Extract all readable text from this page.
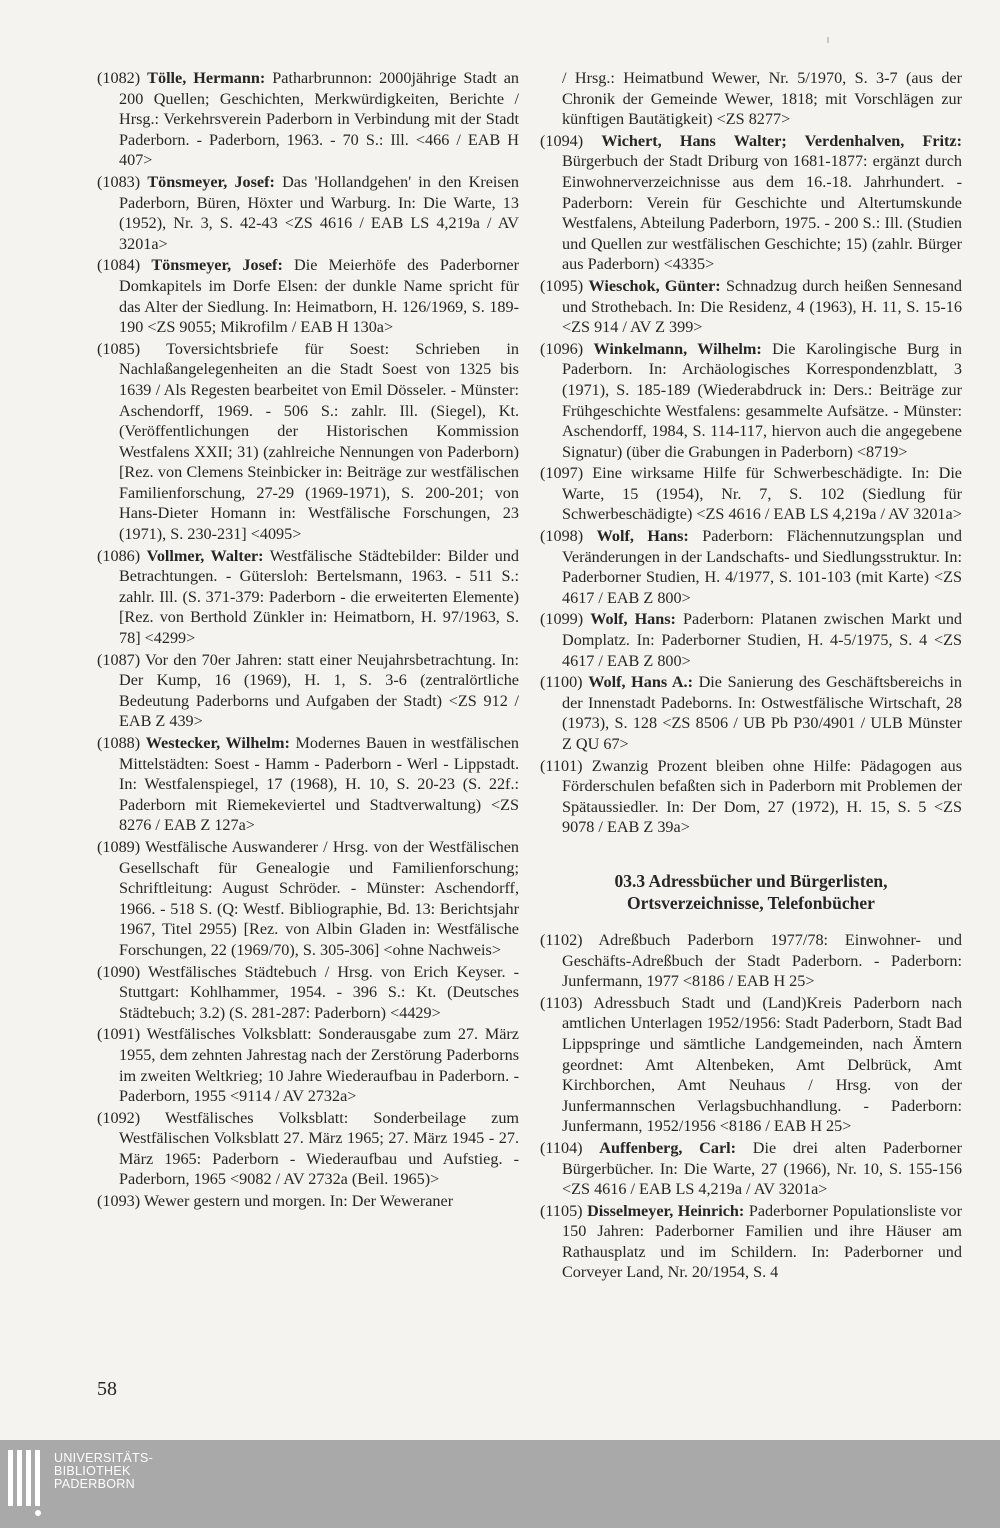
(1082) Tölle, Hermann: Patharbrunnon: 2000jährige Stadt an 200 Quellen; Geschichten, Merkwürdigkeiten, Berichte / Hrsg.: Verkehrsverein Paderborn in Verbindung mit der Stadt Paderborn. - Paderborn, 1963. - 70 S.: Ill. <466 / EAB H 407>
(1083) Tönsmeyer, Josef: Das 'Hollandgehen' in den Kreisen Paderborn, Büren, Höxter und Warburg. In: Die Warte, 13 (1952), Nr. 3, S. 42-43 <ZS 4616 / EAB LS 4,219a / AV 3201a>
(1084) Tönsmeyer, Josef: Die Meierhöfe des Paderborner Domkapitels im Dorfe Elsen: der dunkle Name spricht für das Alter der Siedlung. In: Heimatborn, H. 126/1969, S. 189-190 <ZS 9055; Mikrofilm / EAB H 130a>
(1085) Toversichtsbriefe für Soest: Schrieben in Nachlaßangelegenheiten an die Stadt Soest von 1325 bis 1639 / Als Regesten bearbeitet von Emil Dösseler. - Münster: Aschendorff, 1969. - 506 S.: zahlr. Ill. (Siegel), Kt. (Veröffentlichungen der Historischen Kommission Westfalens XXII; 31) (zahlreiche Nennungen von Paderborn) [Rez. von Clemens Steinbicker in: Beiträge zur westfälischen Familienforschung, 27-29 (1969-1971), S. 200-201; von Hans-Dieter Homann in: Westfälische Forschungen, 23 (1971), S. 230-231] <4095>
(1086) Vollmer, Walter: Westfälische Städtebilder: Bilder und Betrachtungen. - Gütersloh: Bertelsmann, 1963. - 511 S.: zahlr. Ill. (S. 371-379: Paderborn - die erweiterten Elemente) [Rez. von Berthold Zünkler in: Heimatborn, H. 97/1963, S. 78] <4299>
(1087) Vor den 70er Jahren: statt einer Neujahrsbetrachtung. In: Der Kump, 16 (1969), H. 1, S. 3-6 (zentralörtliche Bedeutung Paderborns und Aufgaben der Stadt) <ZS 912 / EAB Z 439>
(1088) Westecker, Wilhelm: Modernes Bauen in westfälischen Mittelstädten: Soest - Hamm - Paderborn - Werl - Lippstadt. In: Westfalenspiegel, 17 (1968), H. 10, S. 20-23 (S. 22f.: Paderborn mit Riemekeviertel und Stadtverwaltung) <ZS 8276 / EAB Z 127a>
(1089) Westfälische Auswanderer / Hrsg. von der Westfälischen Gesellschaft für Genealogie und Familienforschung; Schriftleitung: August Schröder. - Münster: Aschendorff, 1966. - 518 S. (Q: Westf. Bibliographie, Bd. 13: Berichtsjahr 1967, Titel 2955) [Rez. von Albin Gladen in: Westfälische Forschungen, 22 (1969/70), S. 305-306] <ohne Nachweis>
(1090) Westfälisches Städtebuch / Hrsg. von Erich Keyser. - Stuttgart: Kohlhammer, 1954. - 396 S.: Kt. (Deutsches Städtebuch; 3.2) (S. 281-287: Paderborn) <4429>
(1091) Westfälisches Volksblatt: Sonderausgabe zum 27. März 1955, dem zehnten Jahrestag nach der Zerstörung Paderborns im zweiten Weltkrieg; 10 Jahre Wiederaufbau in Paderborn. - Paderborn, 1955 <9114 / AV 2732a>
(1092) Westfälisches Volksblatt: Sonderbeilage zum Westfälischen Volksblatt 27. März 1965; 27. März 1945 - 27. März 1965: Paderborn - Wiederaufbau und Aufstieg. - Paderborn, 1965 <9082 / AV 2732a (Beil. 1965)>
(1093) Wewer gestern und morgen. In: Der Weweraner
/ Hrsg.: Heimatbund Wewer, Nr. 5/1970, S. 3-7 (aus der Chronik der Gemeinde Wewer, 1818; mit Vorschlägen zur künftigen Bautätigkeit) <ZS 8277>
(1094) Wichert, Hans Walter; Verdenhalven, Fritz: Bürgerbuch der Stadt Driburg von 1681-1877: ergänzt durch Einwohnerverzeichnisse aus dem 16.-18. Jahrhundert. - Paderborn: Verein für Geschichte und Altertumskunde Westfalens, Abteilung Paderborn, 1975. - 200 S.: Ill. (Studien und Quellen zur westfälischen Geschichte; 15) (zahlr. Bürger aus Paderborn) <4335>
(1095) Wieschok, Günter: Schnadzug durch heißen Sennesand und Strothebach. In: Die Residenz, 4 (1963), H. 11, S. 15-16 <ZS 914 / AV Z 399>
(1096) Winkelmann, Wilhelm: Die Karolingische Burg in Paderborn. In: Archäologisches Korrespondenzblatt, 3 (1971), S. 185-189 (Wiederabdruck in: Ders.: Beiträge zur Frühgeschichte Westfalens: gesammelte Aufsätze. - Münster: Aschendorff, 1984, S. 114-117, hiervon auch die angegebene Signatur) (über die Grabungen in Paderborn) <8719>
(1097) Eine wirksame Hilfe für Schwerbeschädigte. In: Die Warte, 15 (1954), Nr. 7, S. 102 (Siedlung für Schwerbeschädigte) <ZS 4616 / EAB LS 4,219a / AV 3201a>
(1098) Wolf, Hans: Paderborn: Flächennutzungsplan und Veränderungen in der Landschafts- und Siedlungsstruktur. In: Paderborner Studien, H. 4/1977, S. 101-103 (mit Karte) <ZS 4617 / EAB Z 800>
(1099) Wolf, Hans: Paderborn: Platanen zwischen Markt und Domplatz. In: Paderborner Studien, H. 4-5/1975, S. 4 <ZS 4617 / EAB Z 800>
(1100) Wolf, Hans A.: Die Sanierung des Geschäftsbereichs in der Innenstadt Padeborns. In: Ostwestfälische Wirtschaft, 28 (1973), S. 128 <ZS 8506 / UB Pb P30/4901 / ULB Münster Z QU 67>
(1101) Zwanzig Prozent bleiben ohne Hilfe: Pädagogen aus Förderschulen befaßten sich in Paderborn mit Problemen der Spätaussiedler. In: Der Dom, 27 (1972), H. 15, S. 5 <ZS 9078 / EAB Z 39a>
03.3 Adressbücher und Bürgerlisten,
Ortsverzeichnisse, Telefonbücher
(1102) Adreßbuch Paderborn 1977/78: Einwohner- und Geschäfts-Adreßbuch der Stadt Paderborn. - Paderborn: Junfermann, 1977 <8186 / EAB H 25>
(1103) Adressbuch Stadt und (Land)Kreis Paderborn nach amtlichen Unterlagen 1952/1956: Stadt Paderborn, Stadt Bad Lippspringe und sämtliche Landgemeinden, nach Ämtern geordnet: Amt Altenbeken, Amt Delbrück, Amt Kirchborchen, Amt Neuhaus / Hrsg. von der Junfermannschen Verlagsbuchhandlung. - Paderborn: Junfermann, 1952/1956 <8186 / EAB H 25>
(1104) Auffenberg, Carl: Die drei alten Paderborner Bürgerbücher. In: Die Warte, 27 (1966), Nr. 10, S. 155-156 <ZS 4616 / EAB LS 4,219a / AV 3201a>
(1105) Disselmeyer, Heinrich: Paderborner Populationsliste vor 150 Jahren: Paderborner Familien und ihre Häuser am Rathausplatz und im Schildern. In: Paderborner und Corveyer Land, Nr. 20/1954, S. 4
58
UNIVERSITÄTS-
BIBLIOTHEK
PADERBORN
